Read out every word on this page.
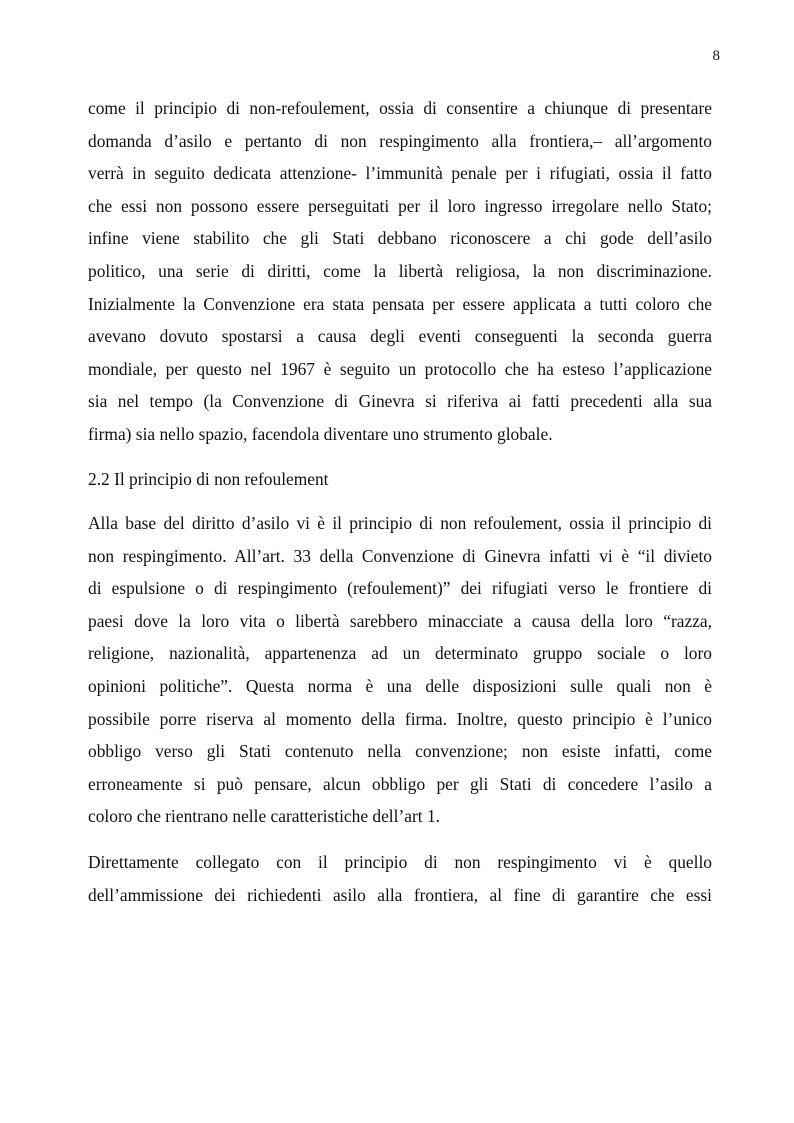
8

come il principio di non-refoulement, ossia di consentire a chiunque di presentare
domanda d’asilo e pertanto di non respingimento alla frontiera,– all’argomento
verrà in seguito dedicata attenzione- l’immunità penale per i rifugiati, ossia il fatto
che essi non possono essere perseguitati per il loro ingresso irregolare nello Stato;
infine viene stabilito che gli Stati debbano riconoscere a chi gode dell’asilo
politico, una serie di diritti, come la libertà religiosa, la non discriminazione.
Inizialmente la Convenzione era stata pensata per essere applicata a tutti coloro che
avevano dovuto spostarsi a causa degli eventi conseguenti la seconda guerra
mondiale, per questo nel 1967 è seguito un protocollo che ha esteso l’applicazione
sia nel tempo (la Convenzione di Ginevra si riferiva ai fatti precedenti alla sua
firma) sia nello spazio, facendola diventare uno strumento globale.

2.2 Il principio di non refoulement

Alla base del diritto d’asilo vi è il principio di non refoulement, ossia il principio di
non respingimento. All’art. 33 della Convenzione di Ginevra infatti vi è “il divieto
di espulsione o di respingimento (refoulement)” dei rifugiati verso le frontiere di
paesi dove la loro vita o libertà sarebbero minacciate a causa della loro “razza,
religione, nazionalità, appartenenza ad un determinato gruppo sociale o loro
opinioni politiche”. Questa norma è una delle disposizioni sulle quali non è
possibile porre riserva al momento della firma. Inoltre, questo principio è l’unico
obbligo verso gli Stati contenuto nella convenzione; non esiste infatti, come
erroneamente si può pensare, alcun obbligo per gli Stati di concedere l’asilo a
coloro che rientrano nelle caratteristiche dell’art 1.

Direttamente collegato con il principio di non respingimento vi è quello
dell’ammissione dei richiedenti asilo alla frontiera, al fine di garantire che essi
